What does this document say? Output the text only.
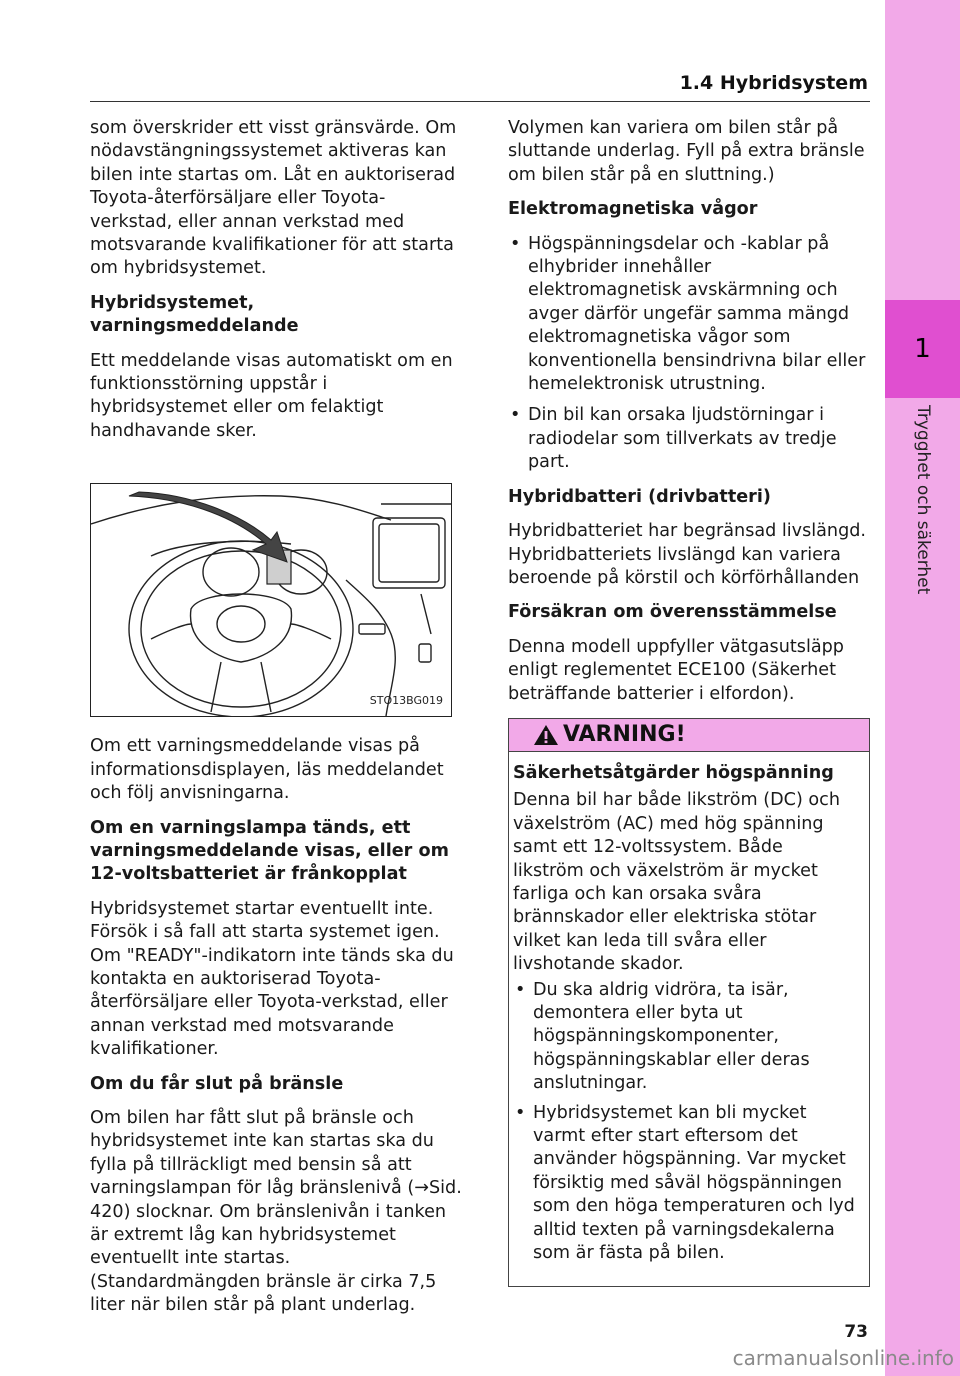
1
Trygghet och säkerhet
1.4 Hybridsystem

som överskrider ett visst gränsvärde. Om nödavstängningssystemet aktiveras kan bilen inte startas om. Låt en auktoriserad Toyota-återförsäljare eller Toyota-verkstad, eller annan verkstad med motsvarande kvalifikationer för att starta om hybridsystemet.

Hybridsystemet, varningsmeddelande

Ett meddelande visas automatiskt om en funktionsstörning uppstår i hybridsystemet eller om felaktigt handhavande sker.

STO13BG019

Om ett varningsmeddelande visas på informationsdisplayen, läs meddelandet och följ anvisningarna.

Om en varningslampa tänds, ett varningsmeddelande visas, eller om 12-voltsbatteriet är frånkopplat

Hybridsystemet startar eventuellt inte. Försök i så fall att starta systemet igen. Om "READY"-indikatorn inte tänds ska du kontakta en auktoriserad Toyota-återförsäljare eller Toyota-verkstad, eller annan verkstad med motsvarande kvalifikationer.

Om du får slut på bränsle

Om bilen har fått slut på bränsle och hybridsystemet inte kan startas ska du fylla på tillräckligt med bensin så att varningslampan för låg bränslenivå (→Sid. 420) slocknar. Om bränslenivån i tanken är extremt låg kan hybridsystemet eventuellt inte startas. (Standardmängden bränsle är cirka 7,5 liter när bilen står på plant underlag.

Volymen kan variera om bilen står på sluttande underlag. Fyll på extra bränsle om bilen står på en sluttning.)

Elektromagnetiska vågor
• Högspänningsdelar och -kablar på elhybrider innehåller elektromagnetisk avskärmning och avger därför ungefär samma mängd elektromagnetiska vågor som konventionella bensindrivna bilar eller hemelektronisk utrustning.
• Din bil kan orsaka ljudstörningar i radiodelar som tillverkats av tredje part.
Hybridbatteri (drivbatteri)

Hybridbatteriet har begränsad livslängd. Hybridbatteriets livslängd kan variera beroende på körstil och körförhållanden

Försäkran om överensstämmelse

Denna modell uppfyller vätgasutsläpp enligt reglementet ECE100 (Säkerhet beträffande batterier i elfordon).

VARNING!
Säkerhetsåtgärder högspänning

Denna bil har både likström (DC) och växelström (AC) med hög spänning samt ett 12-voltssystem. Både likström och växelström är mycket farliga och kan orsaka svåra brännskador eller elektriska stötar vilket kan leda till svåra eller livshotande skador.

• Du ska aldrig vidröra, ta isär, demontera eller byta ut högspänningskomponenter, högspänningskablar eller deras anslutningar.
• Hybridsystemet kan bli mycket varmt efter start eftersom det använder högspänning. Var mycket försiktig med såväl högspänningen som den höga temperaturen och lyd alltid texten på varningsdekalerna som är fästa på bilen.
73
carmanualsonline.info
